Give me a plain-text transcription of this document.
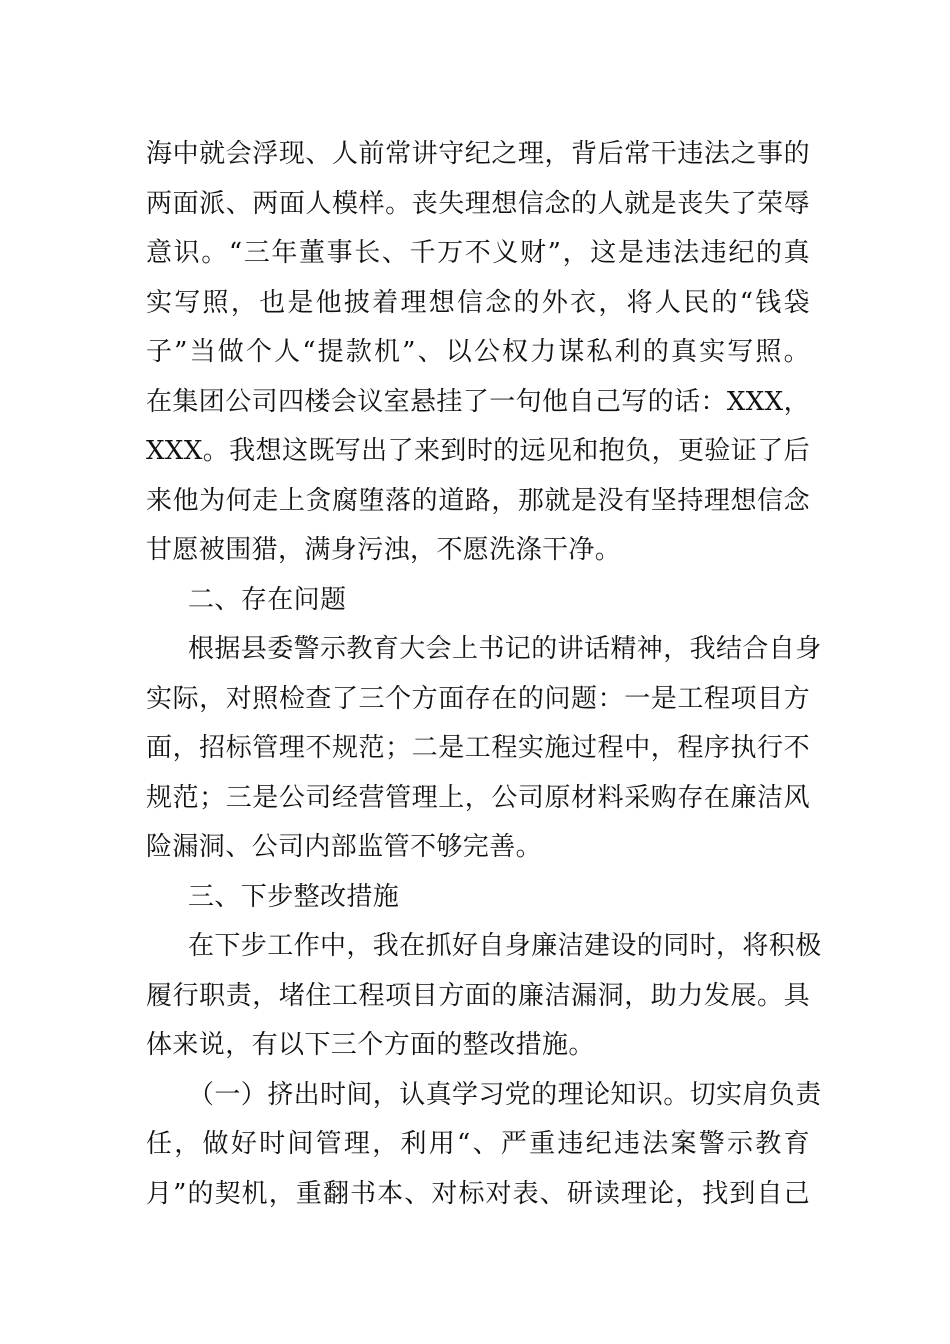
海中就会浮现、人前常讲守纪之理，背后常干违法之事的
两面派、两面人模样。丧失理想信念的人就是丧失了荣辱
意识。“三年董事长、千万不义财”，这是违法违纪的真
实写照，也是他披着理想信念的外衣，将人民的“钱袋
子”当做个人“提款机”、以公权力谋私利的真实写照。
在集团公司四楼会议室悬挂了一句他自己写的话：XXX，
XXX。我想这既写出了来到时的远见和抱负，更验证了后
来他为何走上贪腐堕落的道路，那就是没有坚持理想信念
甘愿被围猎，满身污浊，不愿洗涤干净。
二、存在问题
根据县委警示教育大会上书记的讲话精神，我结合自身
实际，对照检查了三个方面存在的问题：一是工程项目方
面，招标管理不规范；二是工程实施过程中，程序执行不
规范；三是公司经营管理上，公司原材料采购存在廉洁风
险漏洞、公司内部监管不够完善。
三、下步整改措施
在下步工作中，我在抓好自身廉洁建设的同时，将积极
履行职责，堵住工程项目方面的廉洁漏洞，助力发展。具
体来说，有以下三个方面的整改措施。
（一）挤出时间，认真学习党的理论知识。切实肩负责
任，做好时间管理，利用“、严重违纪违法案警示教育
月”的契机，重翻书本、对标对表、研读理论，找到自己
